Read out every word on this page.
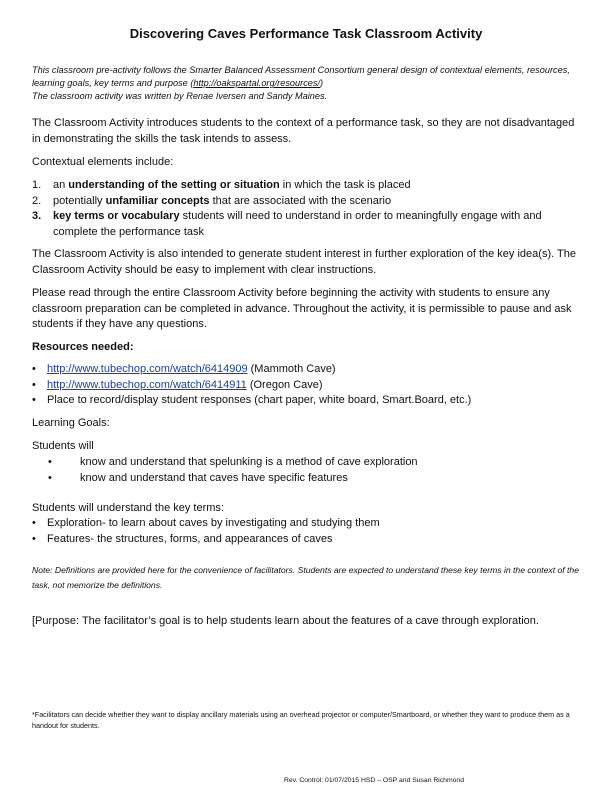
Discovering Caves Performance Task Classroom Activity
This classroom pre-activity follows the Smarter Balanced Assessment Consortium general design of contextual elements, resources, learning goals, key terms and purpose (http://oakspartal.org/resources/)
The classroom activity was written by Renae Iversen and Sandy Maines.
The Classroom Activity introduces students to the context of a performance task, so they are not disadvantaged in demonstrating the skills the task intends to assess.
Contextual elements include:
1. an understanding of the setting or situation in which the task is placed
2. potentially unfamiliar concepts that are associated with the scenario
3. key terms or vocabulary students will need to understand in order to meaningfully engage with and complete the performance task
The Classroom Activity is also intended to generate student interest in further exploration of the key idea(s). The Classroom Activity should be easy to implement with clear instructions.
Please read through the entire Classroom Activity before beginning the activity with students to ensure any classroom preparation can be completed in advance. Throughout the activity, it is permissible to pause and ask students if they have any questions.
Resources needed:
• http://www.tubechop.com/watch/6414909 (Mammoth Cave)
• http://www.tubechop.com/watch/6414911 (Oregon Cave)
• Place to record/display student responses (chart paper, white board, Smart.Board, etc.)
Learning Goals:
Students will
•	know and understand that spelunking is a method of cave exploration
•	know and understand that caves have specific features
Students will understand the key terms:
• Exploration- to learn about caves by investigating and studying them
• Features- the structures, forms, and appearances of caves
Note: Definitions are provided here for the convenience of facilitators. Students are expected to understand these key terms in the context of the task, not memorize the definitions.
[Purpose: The facilitator’s goal is to help students learn about the features of a cave through exploration.
*Facilitators can decide whether they want to display ancillary materials using an overhead projector or computer/Smartboard, or whether they want to produce them as a handout for students.
Rev. Control: 01/07/2015 HSD – OSP and Susan Richmond
